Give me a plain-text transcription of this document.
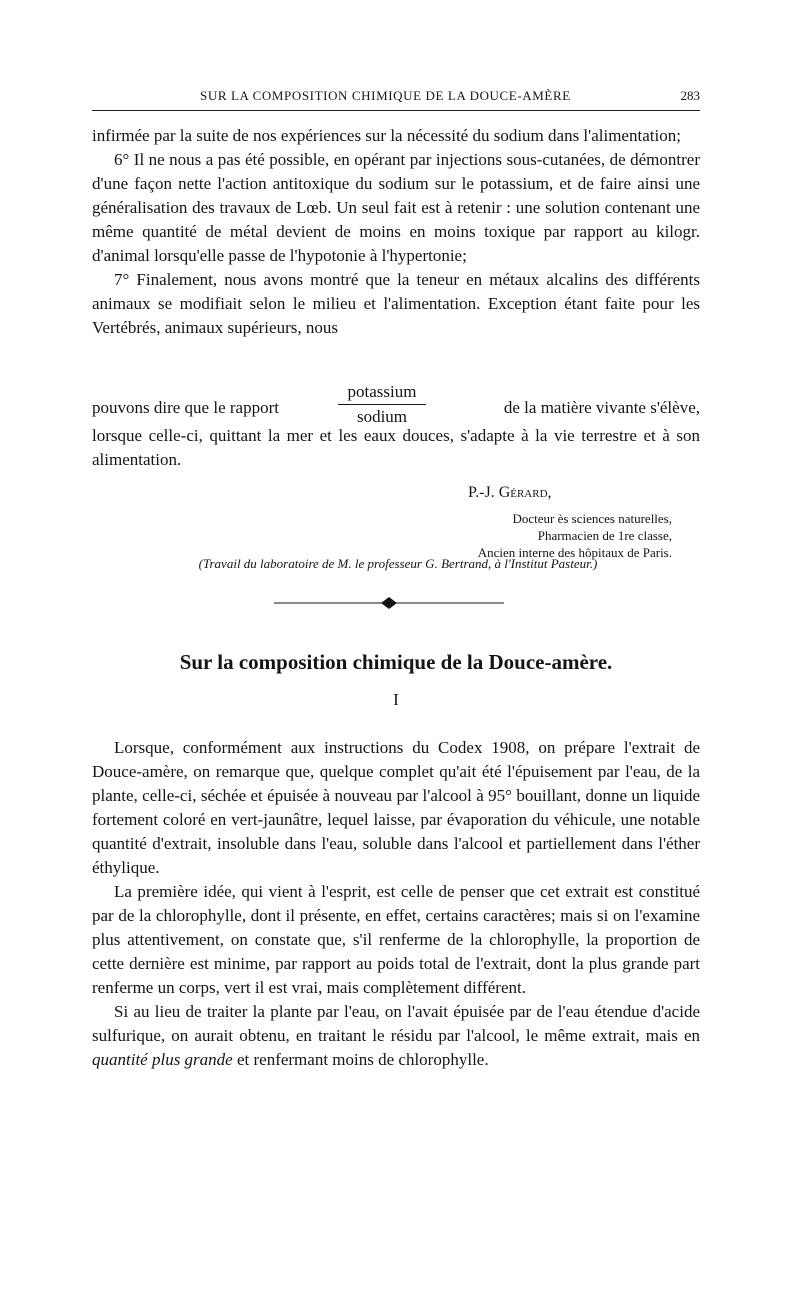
SUR LA COMPOSITION CHIMIQUE DE LA DOUCE-AMÈRE	283

infirmée par la suite de nos expériences sur la nécessité du sodium dans l'alimentation;

6° Il ne nous a pas été possible, en opérant par injections sous-cutanées, de démontrer d'une façon nette l'action antitoxique du sodium sur le potassium, et de faire ainsi une généralisation des travaux de Lœb. Un seul fait est à retenir : une solution contenant une même quantité de métal devient de moins en moins toxique par rapport au kilogr. d'animal lorsqu'elle passe de l'hypotonie à l'hypertonie;

7° Finalement, nous avons montré que la teneur en métaux alcalins des différents animaux se modifiait selon le milieu et l'alimentation. Exception étant faite pour les Vertébrés, animaux supérieurs, nous

pouvons dire que le rapport
potassium
sodium	de la matière vivante s'élève,

lorsque celle-ci, quittant la mer et les eaux douces, s'adapte à la vie terrestre et à son alimentation.

P.-J. Gérard,
Docteur ès sciences naturelles,
Pharmacien de 1re classe,
Ancien interne des hôpitaux de Paris.
(Travail du laboratoire de M. le professeur G. Bertrand, à l'Institut Pasteur.)
Sur la composition chimique de la Douce-amère.
I

Lorsque, conformément aux instructions du Codex 1908, on prépare l'extrait de Douce-amère, on remarque que, quelque complet qu'ait été l'épuisement par l'eau, de la plante, celle-ci, séchée et épuisée à nouveau par l'alcool à 95° bouillant, donne un liquide fortement coloré en vert-jaunâtre, lequel laisse, par évaporation du véhicule, une notable quantité d'extrait, insoluble dans l'eau, soluble dans l'alcool et partiellement dans l'éther éthylique.

La première idée, qui vient à l'esprit, est celle de penser que cet extrait est constitué par de la chlorophylle, dont il présente, en effet, certains caractères; mais si on l'examine plus attentivement, on constate que, s'il renferme de la chlorophylle, la proportion de cette dernière est minime, par rapport au poids total de l'extrait, dont la plus grande part renferme un corps, vert il est vrai, mais complètement différent.

Si au lieu de traiter la plante par l'eau, on l'avait épuisée par de l'eau étendue d'acide sulfurique, on aurait obtenu, en traitant le résidu par l'alcool, le même extrait, mais en quantité plus grande et renfermant moins de chlorophylle.
